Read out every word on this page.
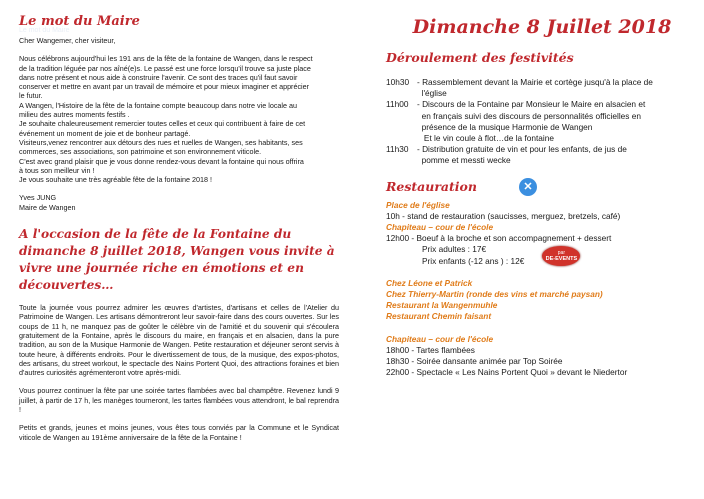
Le mot du Maire
Le mot du Maire

Cher Wangemer, cher visiteur,

Nous célébrons aujourd'hui les 191 ans de la fête de la fontaine de Wangen, dans le respect

de la tradition léguée par nos aîné(e)s. Le passé est une force lorsqu'il trouve sa juste place

dans notre présent et nous aide à construire l'avenir. Ce sont des traces qu'il faut savoir

conserver et mettre en avant par un travail de mémoire et pour mieux imaginer et apprécier

le futur.

A Wangen, l'Histoire de la fête de la fontaine compte beaucoup dans notre vie locale au

milieu des autres moments festifs .

Je souhaite chaleureusement remercier toutes celles et ceux qui contribuent à faire de cet

événement un moment de joie et de bonheur partagé.

Visiteurs,venez rencontrer aux détours des rues et ruelles de Wangen, ses habitants, ses

commerces, ses associations, son patrimoine et son environnement viticole.

C'est avec grand plaisir que je vous donne rendez-vous devant la fontaine qui nous offrira

à tous son meilleur vin !

Je vous souhaite une très agréable fête de la fontaine 2018 !

Yves JUNG

Maire de Wangen

A l'occasion de la fête de la Fontaine du dimanche 8 juillet 2018, Wangen vous invite à vivre une journée riche en émotions et en découvertes…

Toute la journée vous pourrez admirer les œuvres d'artistes, d'artisans et celles de l'Atelier du Patrimoine de Wangen. Les artisans démontreront leur savoir-faire dans des cours ouvertes. Sur les coups de 11 h, ne manquez pas de goûter le célèbre vin de l'amitié et du souvenir qui s'écoulera gratuitement de la Fontaine, après le discours du maire, en français et en alsacien, dans la pure tradition, au son de la Musique Harmonie de Wangen. Petite restauration et déjeuner seront servis à toute heure, à différents endroits. Pour le divertissement de tous, de la musique, des expos-photos, des artisans, du street workout, le spectacle des Nains Portent Quoi, des attractions foraines et bien d'autres curiosités agrémenteront votre après-midi.

Vous pourrez continuer la fête par une soirée tartes flambées avec bal champêtre. Revenez lundi 9 juillet, à partir de 17 h, les manèges tourneront, les tartes flambées vous attendront, le bal reprendra !

Petits et grands, jeunes et moins jeunes, vous êtes tous conviés par la Commune et le Syndicat viticole de Wangen au 191ème anniversaire de la fête de la Fontaine !

Dimanche 8 Juillet 2018
Déroulement des festivités
10h30 - Rassemblement devant la Mairie et cortège jusqu'à la place de

l'église

11h00	- Discours de la Fontaine par Monsieur le Maire en alsacien et

en français suivi des discours de personnalités officielles en

présence de la musique Harmonie de Wangen

Et le vin coule à flot…de la fontaine

11h30	- Distribution gratuite de vin et pour les enfants, de jus de

pomme et messti wecke

Restauration	✕

Place de l'église

10h - stand de restauration (saucisses, merguez, bretzels, café)

Chapiteau – cour de l'école

12h00 - Boeuf à la broche et son accompagnement + dessert

Prix adultes : 17€

Prix enfants (-12 ans ) : 12€

par
DE-EVENTS

Chez Léone et Patrick

Chez Thierry-Martin (ronde des vins et marché paysan)

Restaurant la Wangenmuhle

Restaurant Chemin faisant

Chapiteau – cour de l'école

18h00 - Tartes flambées

18h30 - Soirée dansante animée par Top Soirée

22h00 - Spectacle « Les Nains Portent Quoi » devant le Niedertor
